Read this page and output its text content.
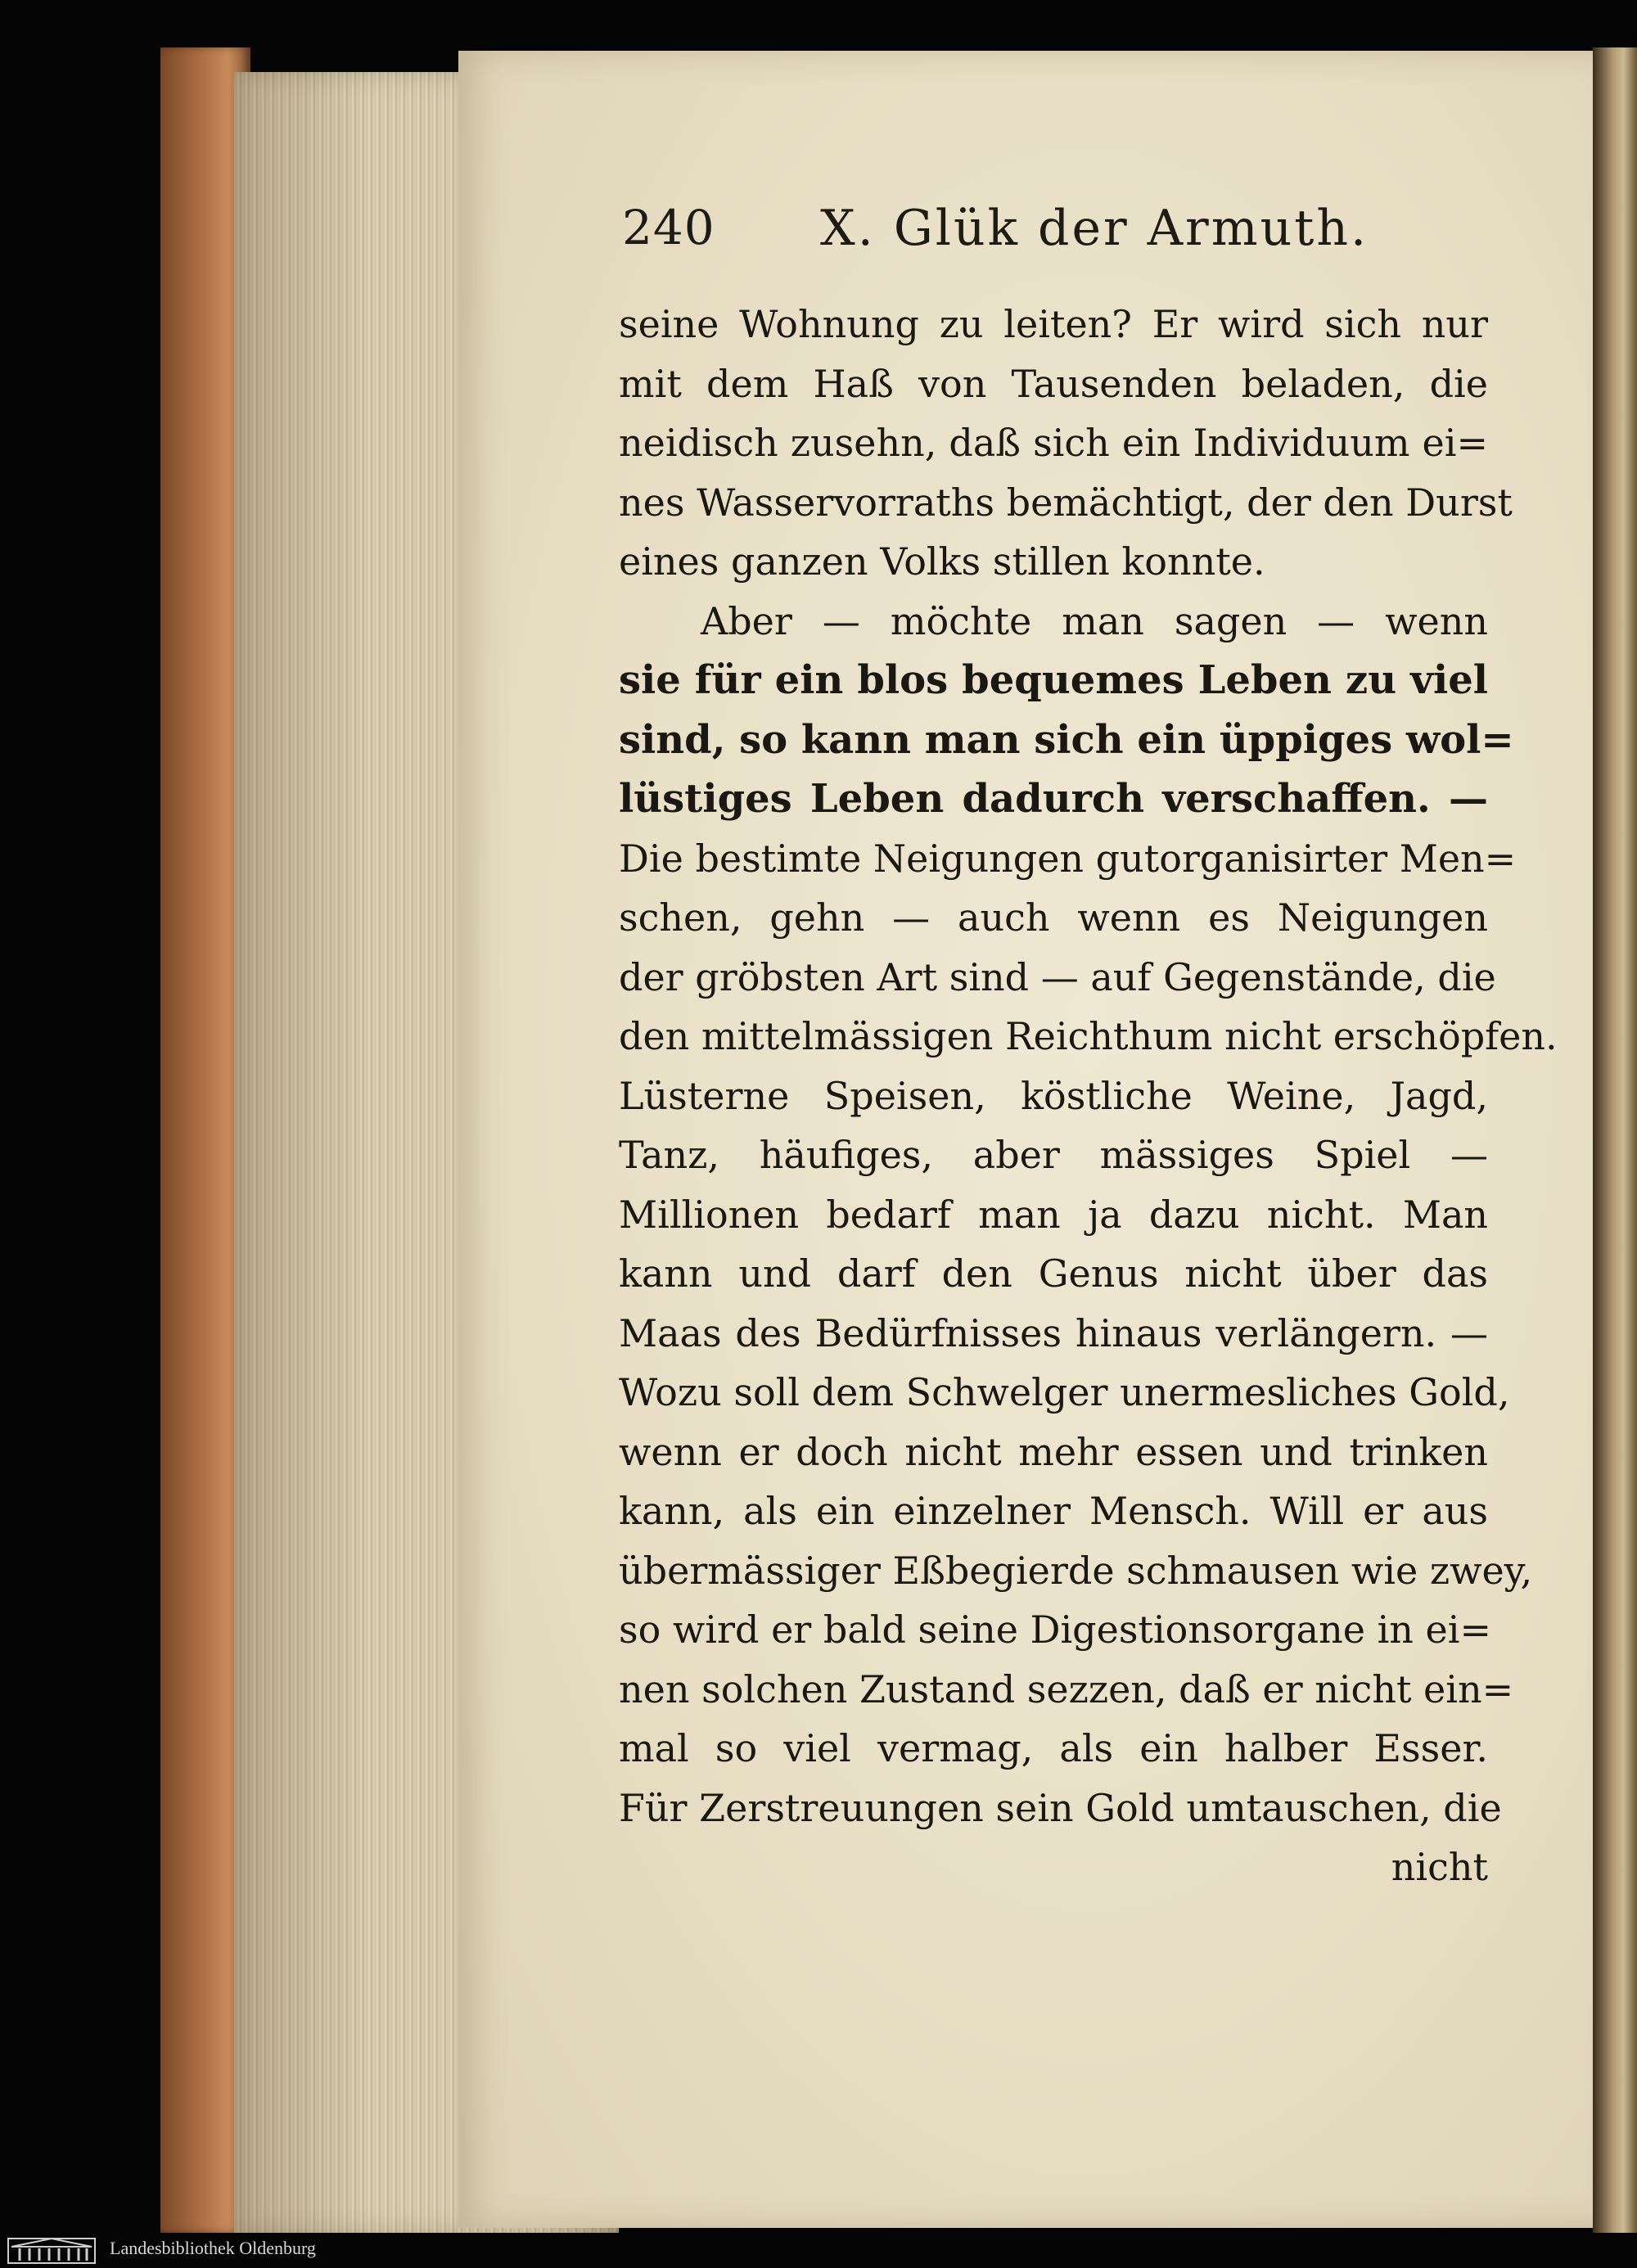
240 X. Glük der Armuth.
seine Wohnung zu leiten? Er wird sich nur
mit dem Haß von Tausenden beladen, die
neidisch zusehn, daß sich ein Individuum ei=
nes Wasservorraths bemächtigt, der den Durst
eines ganzen Volks stillen konnte.
Aber — möchte man sagen — wenn
sie für ein blos bequemes Leben zu viel
sind, so kann man sich ein üppiges wol=
lüstiges Leben dadurch verschaffen. —
Die bestimte Neigungen gutorganisirter Men=
schen, gehn — auch wenn es Neigungen
der gröbsten Art sind — auf Gegenstände, die
den mittelmässigen Reichthum nicht erschöpfen.
Lüsterne Speisen, köstliche Weine, Jagd,
Tanz, häufiges, aber mässiges Spiel —
Millionen bedarf man ja dazu nicht. Man
kann und darf den Genus nicht über das
Maas des Bedürfnisses hinaus verlängern. —
Wozu soll dem Schwelger unermesliches Gold,
wenn er doch nicht mehr essen und trinken
kann, als ein einzelner Mensch. Will er aus
übermässiger Eßbegierde schmausen wie zwey,
so wird er bald seine Digestionsorgane in ei=
nen solchen Zustand sezzen, daß er nicht ein=
mal so viel vermag, als ein halber Esser.
Für Zerstreuungen sein Gold umtauschen, die
nicht
Landesbibliothek Oldenburg
